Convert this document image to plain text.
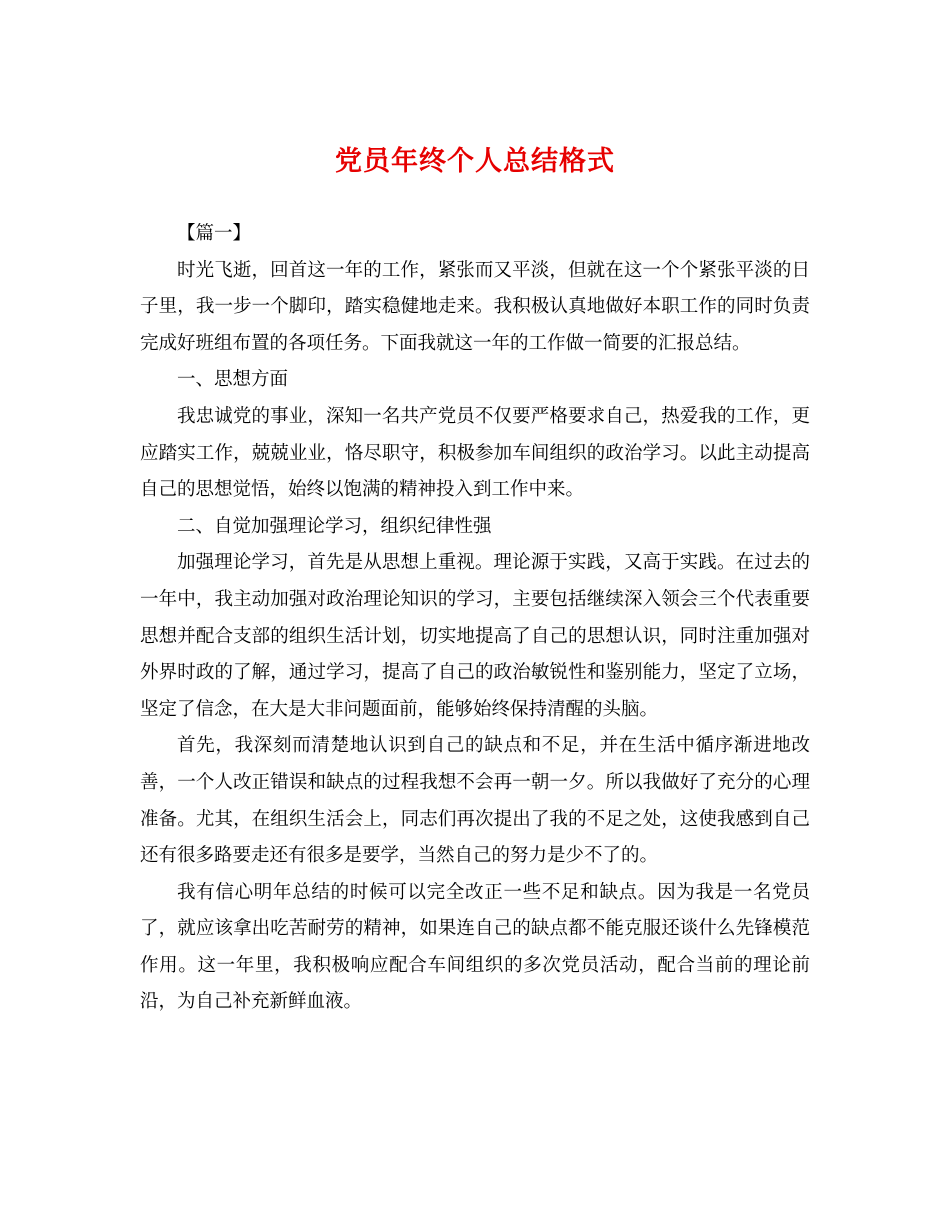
党员年终个人总结格式

【篇一】

时光飞逝，回首这一年的工作，紧张而又平淡，但就在这一个个紧张平淡的日子里，我一步一个脚印，踏实稳健地走来。我积极认真地做好本职工作的同时负责完成好班组布置的各项任务。下面我就这一年的工作做一简要的汇报总结。

一、思想方面

我忠诚党的事业，深知一名共产党员不仅要严格要求自己，热爱我的工作，更应踏实工作，兢兢业业，恪尽职守，积极参加车间组织的政治学习。以此主动提高自己的思想觉悟，始终以饱满的精神投入到工作中来。

二、自觉加强理论学习，组织纪律性强

加强理论学习，首先是从思想上重视。理论源于实践，又高于实践。在过去的一年中，我主动加强对政治理论知识的学习，主要包括继续深入领会三个代表重要思想并配合支部的组织生活计划，切实地提高了自己的思想认识，同时注重加强对外界时政的了解，通过学习，提高了自己的政治敏锐性和鉴别能力，坚定了立场，坚定了信念，在大是大非问题面前，能够始终保持清醒的头脑。

首先，我深刻而清楚地认识到自己的缺点和不足，并在生活中循序渐进地改善，一个人改正错误和缺点的过程我想不会再一朝一夕。所以我做好了充分的心理准备。尤其，在组织生活会上，同志们再次提出了我的不足之处，这使我感到自己还有很多路要走还有很多是要学，当然自己的努力是少不了的。

我有信心明年总结的时候可以完全改正一些不足和缺点。因为我是一名党员了，就应该拿出吃苦耐劳的精神，如果连自己的缺点都不能克服还谈什么先锋模范作用。这一年里，我积极响应配合车间组织的多次党员活动，配合当前的理论前沿，为自己补充新鲜血液。
